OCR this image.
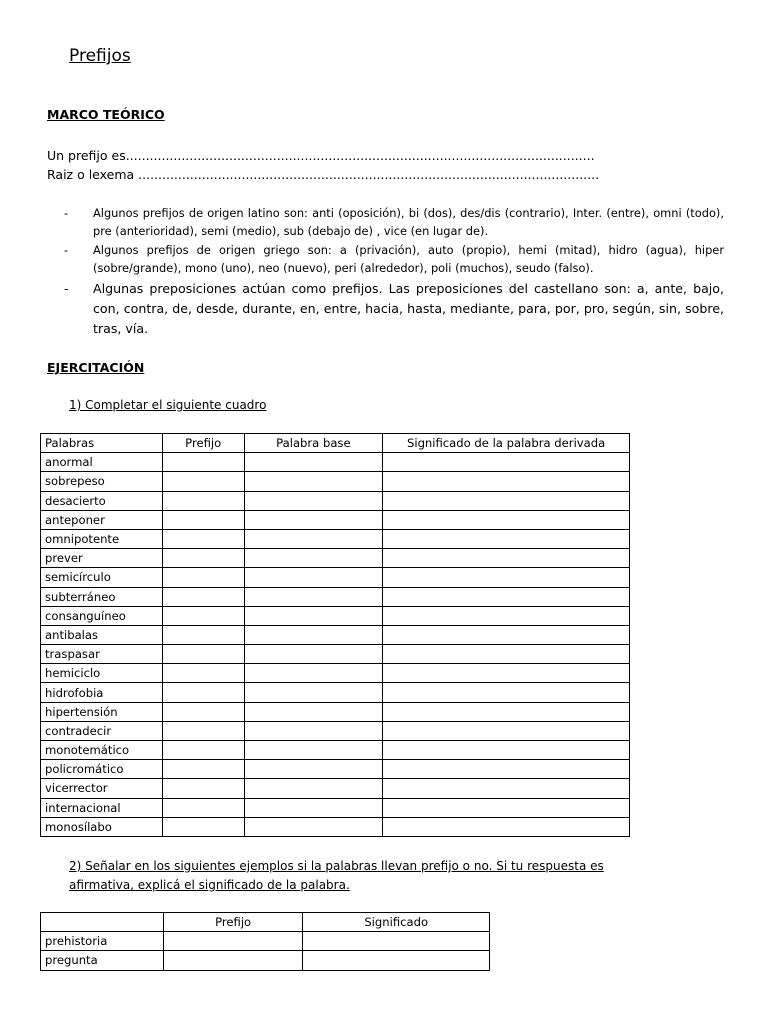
Prefijos
MARCO TEÓRICO
Un prefijo es......................................................................................................................
Raiz o lexema ....................................................................................................................
- Algunos prefijos de origen latino son: anti (oposición), bi (dos), des/dis (contrario), Inter. (entre), omni (todo), pre (anterioridad), semi (medio), sub (debajo de) , vice (en lugar de).
- Algunos prefijos de origen griego son: a (privación), auto (propio), hemi (mitad), hidro (agua), hiper (sobre/grande), mono (uno), neo (nuevo), peri (alrededor), poli (muchos), seudo (falso).
- Algunas preposiciones actúan como prefijos. Las preposiciones del castellano son: a, ante, bajo, con, contra, de, desde, durante, en, entre, hacia, hasta, mediante, para, por, pro, según, sin, sobre, tras, vía.
EJERCITACIÓN
1) Completar el siguiente cuadro
Palabras	Prefijo	Palabra base	Significado de la palabra derivada
anormal			
sobrepeso			
desacierto			
anteponer			
omnipotente			
prever			
semicírculo			
subterráneo			
consanguíneo			
antibalas			
traspasar			
hemiciclo			
hidrofobia			
hipertensión			
contradecir			
monotemático			
policromático			
vicerrector			
internacional			
monosílabo			
2) Señalar en los siguientes ejemplos si la palabras llevan prefijo o no. Si tu respuesta es afirmativa, explicá el significado de la palabra.
	Prefijo	Significado
prehistoria		
pregunta		
